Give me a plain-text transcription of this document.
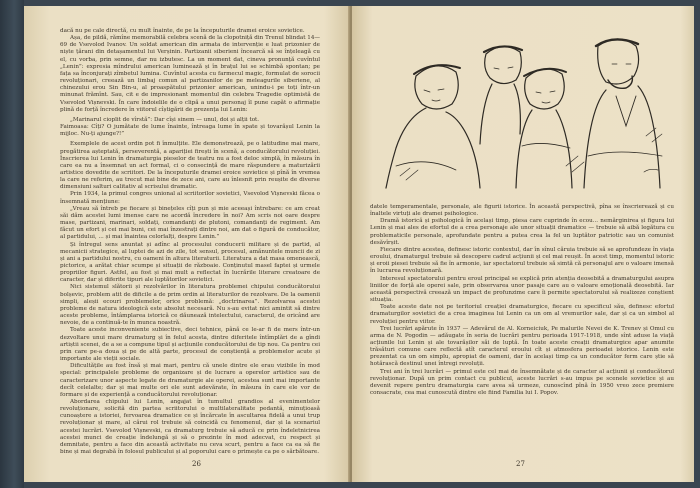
dacă nu pe cale directă, cu mult înainte, de pe la începuturile dramei eroice sovietice.

Așa, de pildă, rămîne memorabilă celebra scenă de la clopotniță din Trenul blindat 14—69 de Vsevolod Ivanov. Un soldat american din armata de intervenție e luat prizonier de niște țărani din detașamentul lui Verșinin. Partizanii siberieni încearcă să se înțeleagă cu el, cu vorba, prin semne, dar nu izbutesc. La un moment dat, cineva pronunță cuvîntul „Lenin”: expresia mîndrului american luminează și în brațul lui se schimbă spontan; pe fața sa înconjurați zîmbetul lumina. Cuvîntul acesta cu farmecul magic, formulat de sorocii revoluționari, creează un limbaj comun al partizanilor de pe meleagurile siberiene, al chinezului erou Sin Bin-u, al proaspătului prizonier american, unindu-i pe toți într-un minunat frămînt. Sau, cit e de impresionant momentul din celebra Tragedie optimistă de Vsevolod Vișnevski. În care îndoielile de o clipă a unui personaj îl pune capăt o afirmație plină de forță încredere în viitorul cîștigării de prezența lui Lenin:

„Marinarul cioplit de vîrstă”: Dar cîși sinem — unul, doi și alții tot.

Faimoasa: Cîți? O jumătate de lume înainte, întreaga lume în spate și tovarășul Lenin la mijloc. Nu-ți ajunge?!”

Exemplele de acest ordin pot fi înmulțite. Ele demonstrează, pe o latitudine mai mare, pregătirea așteptată, perseverentă, a apariției firești în scenă, a conducătorului revoluției. Înscrierea lui Lenin în dramaturgia pieselor de teatru nu a fost deloc simplă, în măsura în care ea nu a însemnat un act formal, ci o consecință de mare răspundere a maturizării artistice dovedite de scriitori. De la începuturile dramei eroice sovietice și pînă în vremea la care ne referim, au trecut mai bine de zece ani, care au înlesnit prin reușite de diverse dimensiuni salturi calitativ al scrisului dramatic.

Prin 1934, la primul congres unional al scriitorilor sovietici, Vsevolod Vișnevski făcea o însemnată mențiune:

„Vreau să întreb pe fiecare și binețeles cîți pun și mie aceeași întrebare: ce am creat săi dăm acestei lumi imense care ne acordă încredere în noi? Am scris noi oare despre mase, partizani, marinari, soldați, comandanți de plutoni, comandanți de regiment. Am făcut un efort și cei mai buni, cei mai înzestrați dintre noi, am dat o figură de conducător, al partidului, ... și mai înaintea celorlalți, despre Lenin.”

Și întregul sens anuntat și adînc al procesului conducerii militare și de partid, al mecanicii strategice, al luptei de azi de zile, tot sensul, procesul, amănuntele muncii de zi și ani a partidului nostru, cu oameni în altura literaturii. Literatura a dat masa omenească, pictorice, a arătat chiar scumpe și situații de războaie. Conținutul masel faptei și urmele propriilor figuri. Astfel, au fost și mai mult a reflectat în lucrările literare creatoare de caracter, dar și diferite tipuri ale luptătorilor sovietici.

Nici sistemul slătorii și rezolvărilor în literatura problemei chipului conducătorului bolșevic, problem atit de dificile a de prim ordin ai literaturilor de rezolvare. De la oamenii simpli, aleșii ecouri problemelor, orice problemă: „doctrinarea”. Rezolvarea acestei probleme de natura ideologică este absolut necesară. Nu s-au evitat nici amintit să dintre aceste probleme, întâmplarea istorică ce dăunează intelectului, caracterul, de oricând are nevoie, de a continuă-te în munca noastră.

Toate aceste inconveniente subiective, deci tehnice, până ce le-ar fi de mers într-un dezvoltare unui mare drumaturg și în felul acesta, dintre diferitele întîmplări de a gîndi artiștii scenei, de a se a compune tipul și acțiunile conducătorului de tip nou. Ca pentru cei prin care pe-a doua și pe de altă parte, procesul de conștiență a problemelor acute și importante ale vieții sociale.

Dificultățile au fost însă și mai mari, pentru că unele dintre ele erau vizibile în mod special: principalele probleme de organizare și de lucrare a operelor artistice sau de caracterizare unor aspecte legate de dramaturgie ale operei, acestea sunt mai importante decît celelalte; dar și mai multe ori ele sunt adevărate, în măsura în care ele vor de formare și de experiență a conducătorului revoluționar.

Abordarea chipului lui Lenin, angajat în tumultul grandios al evenimentelor revoluționare, solicită din partea scriitorului o multilateralitate pedantă, minuțioasă cunoaștere a istoriei, fervoarea dramatice ce și încărcate în ascultarea fidelă a unui trup revoluționar și mare, al cărui rol trebuie să coincidă cu fenomenul, dar și la scenariul acestei lucrări. Vsevolod Vișnevski, ca dramaturg trebuie să aducă ce prin îndeletnicirea acestei munci de creație îndelungă și să o prezinte în mod adecvat, cu respect și demnitate, pentru a face din această activitate nu ceva scurt, pentru a face ca ea să fie bine și mai degrabă în folosul publicului și al poporului care o primește ca pe o sărbătoare.

26

datele temperamentale, personale, ale figurii istorice. În această perspectivă, pîna se înscrierează și cu înaltele virtuți ale dramei psihologice.

Dramă istorică și psihologică în același timp, piesa care cuprinde în ecou... nemărginirea și figura lui Lenin și mai ales de efortul de a crea personaje ale unor situații dramatice — trebuie să aibă legătura cu problematicile personale, aprofundate pentru a putea crea la fel un luptător patriotic sau un comunist desăvîrșit.

Fiecare dintre acestea, definesc istoric contextul, dar în sînul căruia trebuie să se aprofundeze în viața eroului, dramaturgul trebuie să descopere cadrul acțiunii și cel mai reușit. În acest timp, momentul istoric și eroii piesei trebuie să fie în armonie, iar spectatorul trebuie să simtă că personajul are o valoare imensă în lucrarea revoluționară.

Interesul spectatorului pentru eroul principal se explică prin atenția deosebită a dramaturgului asupra liniilor de forță ale operei sale, prin observarea unor pasaje care au o valoare emoțională deosebită. Iar această perspectivă creează un impact de profunzime care îi permite spectatorului să realizeze conștient situația.

Toate aceste date noi pe teritoriul creației dramaturgice, fiecare cu specificul său, definesc efortul dramaturgilor sovietici de a crea imaginea lui Lenin ca un om al vremurilor sale, dar și ca un simbol al revoluției pentru viitor.

Trei lucrări apărute în 1937 — Adevărul de Al. Korneiciuk, Pe malurile Nevei de K. Trenev și Omul cu arma de N. Pogodin — adăugate în seria de lucrări pentru perioada 1917-1918, unde sînt aduse la viață acțiunile lui Lenin și ale tovarășilor săi de luptă. În toate aceste creații dramaturgice apar anumite trăsături comune care reflectă atît caracterul eroului cît și atmosfera perioadei istorice. Lenin este prezentat ca un om simplu, apropiat de oameni, dar în același timp ca un conducător ferm care știe să hotărască destinul unei întregi revoluții.

Trei ani în trei lucrări — primul este cel mai de însemnătate și de caracter al acțiunii și conducătorul revoluționar. După un prim contact cu publicul, aceste lucrări s-au impus pe scenele sovietice și au devenit repere pentru dramaturgia care avea să urmeze, cunoscînd pînă în 1950 vreo zece premiere consacrate, cea mai cunoscută dintre ele fiind Familia lui I. Popov.

27
